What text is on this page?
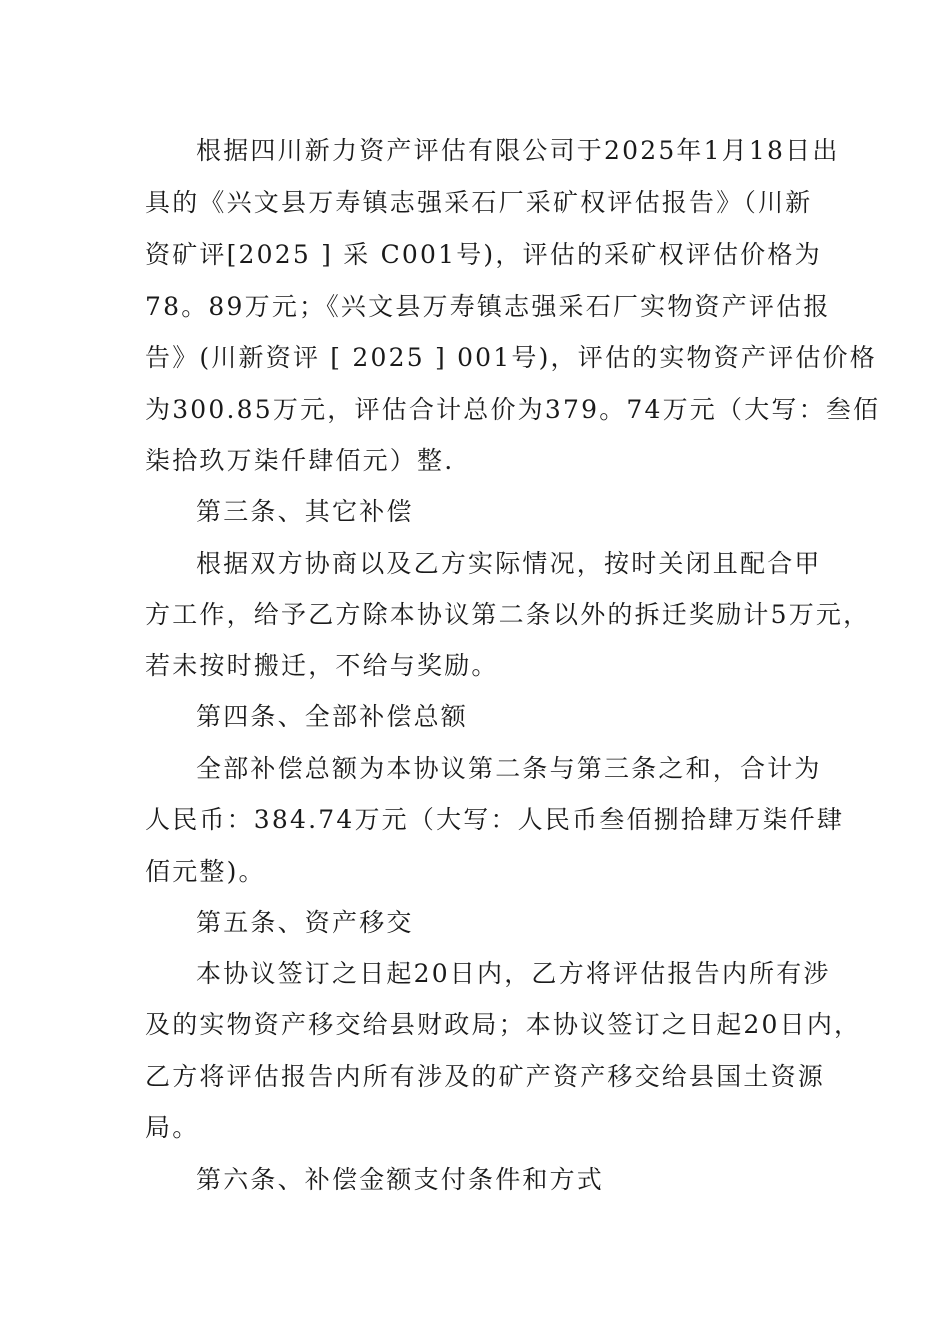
根据四川新力资产评估有限公司于2025年1月18日出
具的《兴文县万寿镇志强采石厂采矿权评估报告》（川新
资矿评[2025 ] 采 C001号)，评估的采矿权评估价格为
78。89万元；《兴文县万寿镇志强采石厂实物资产评估报
告》(川新资评 [ 2025 ] 001号)，评估的实物资产评估价格
为300.85万元，评估合计总价为379。74万元（大写：叁佰
柒拾玖万柒仟肆佰元）整.
第三条、其它补偿
根据双方协商以及乙方实际情况，按时关闭且配合甲
方工作，给予乙方除本协议第二条以外的拆迁奖励计5万元，
若未按时搬迁，不给与奖励。
第四条、全部补偿总额
全部补偿总额为本协议第二条与第三条之和，合计为
人民币：384.74万元（大写：人民币叁佰捌拾肆万柒仟肆
佰元整)。
第五条、资产移交
本协议签订之日起20日内，乙方将评估报告内所有涉
及的实物资产移交给县财政局；本协议签订之日起20日内，
乙方将评估报告内所有涉及的矿产资产移交给县国土资源
局。
第六条、补偿金额支付条件和方式
